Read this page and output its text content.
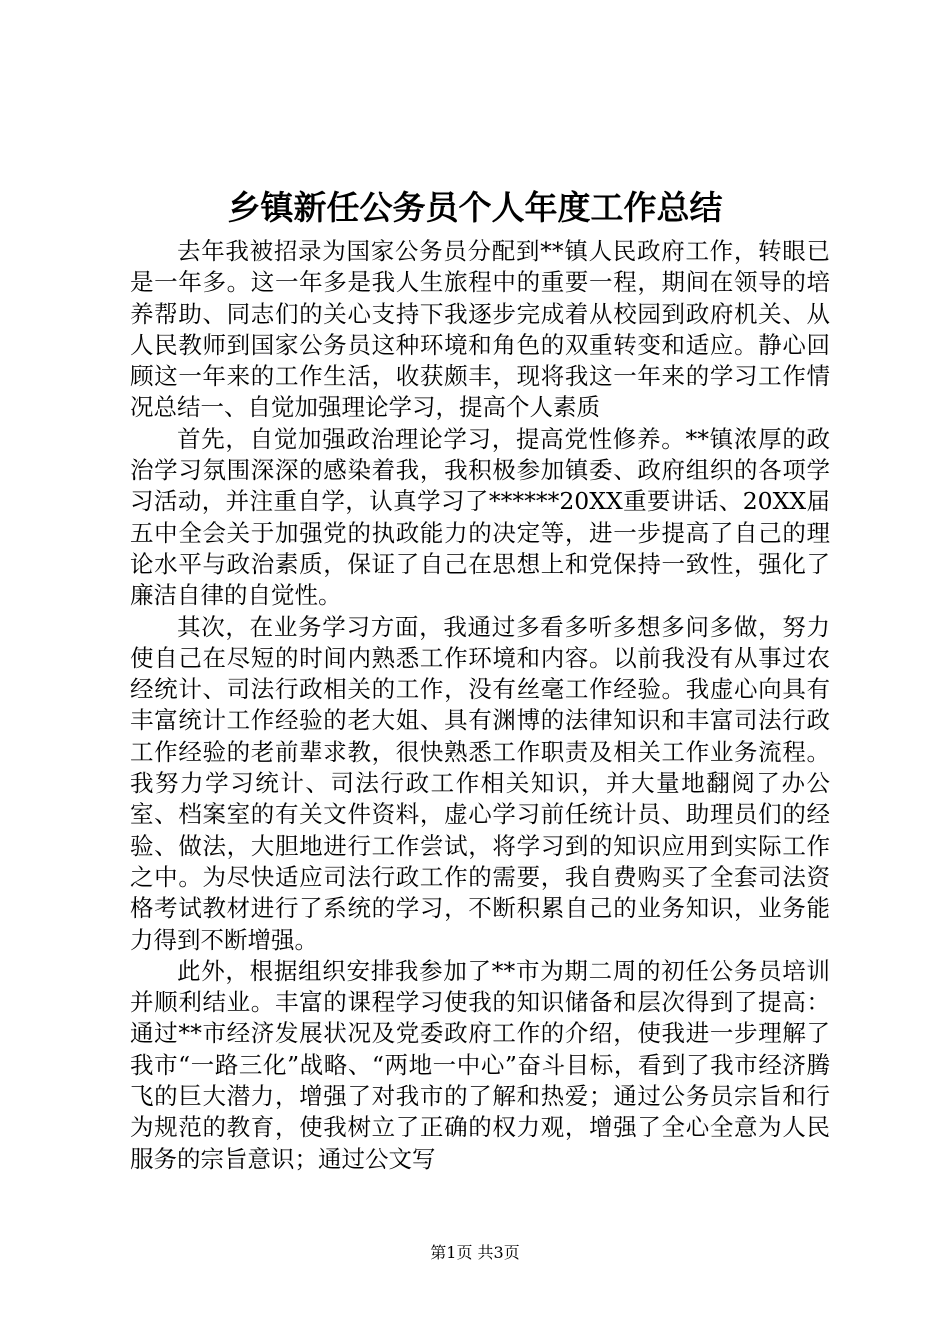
乡镇新任公务员个人年度工作总结

去年我被招录为国家公务员分配到**镇人民政府工作，转眼已是一年多。这一年多是我人生旅程中的重要一程，期间在领导的培养帮助、同志们的关心支持下我逐步完成着从校园到政府机关、从人民教师到国家公务员这种环境和角色的双重转变和适应。静心回顾这一年来的工作生活，收获颇丰，现将我这一年来的学习工作情况总结一、自觉加强理论学习，提高个人素质

首先，自觉加强政治理论学习，提高党性修养。**镇浓厚的政治学习氛围深深的感染着我，我积极参加镇委、政府组织的各项学习活动，并注重自学，认真学习了******20XX重要讲话、20XX届五中全会关于加强党的执政能力的决定等，进一步提高了自己的理论水平与政治素质，保证了自己在思想上和党保持一致性，强化了廉洁自律的自觉性。

其次，在业务学习方面，我通过多看多听多想多问多做，努力使自己在尽短的时间内熟悉工作环境和内容。以前我没有从事过农经统计、司法行政相关的工作，没有丝毫工作经验。我虚心向具有丰富统计工作经验的老大姐、具有渊博的法律知识和丰富司法行政工作经验的老前辈求教，很快熟悉工作职责及相关工作业务流程。我努力学习统计、司法行政工作相关知识，并大量地翻阅了办公室、档案室的有关文件资料，虚心学习前任统计员、助理员们的经验、做法，大胆地进行工作尝试，将学习到的知识应用到实际工作之中。为尽快适应司法行政工作的需要，我自费购买了全套司法资格考试教材进行了系统的学习，不断积累自己的业务知识，业务能力得到不断增强。

此外，根据组织安排我参加了**市为期二周的初任公务员培训并顺利结业。丰富的课程学习使我的知识储备和层次得到了提高：通过**市经济发展状况及党委政府工作的介绍，使我进一步理解了我市“一路三化”战略、“两地一中心”奋斗目标，看到了我市经济腾飞的巨大潜力，增强了对我市的了解和热爱；通过公务员宗旨和行为规范的教育，使我树立了正确的权力观，增强了全心全意为人民服务的宗旨意识；通过公文写

第1页 共3页
